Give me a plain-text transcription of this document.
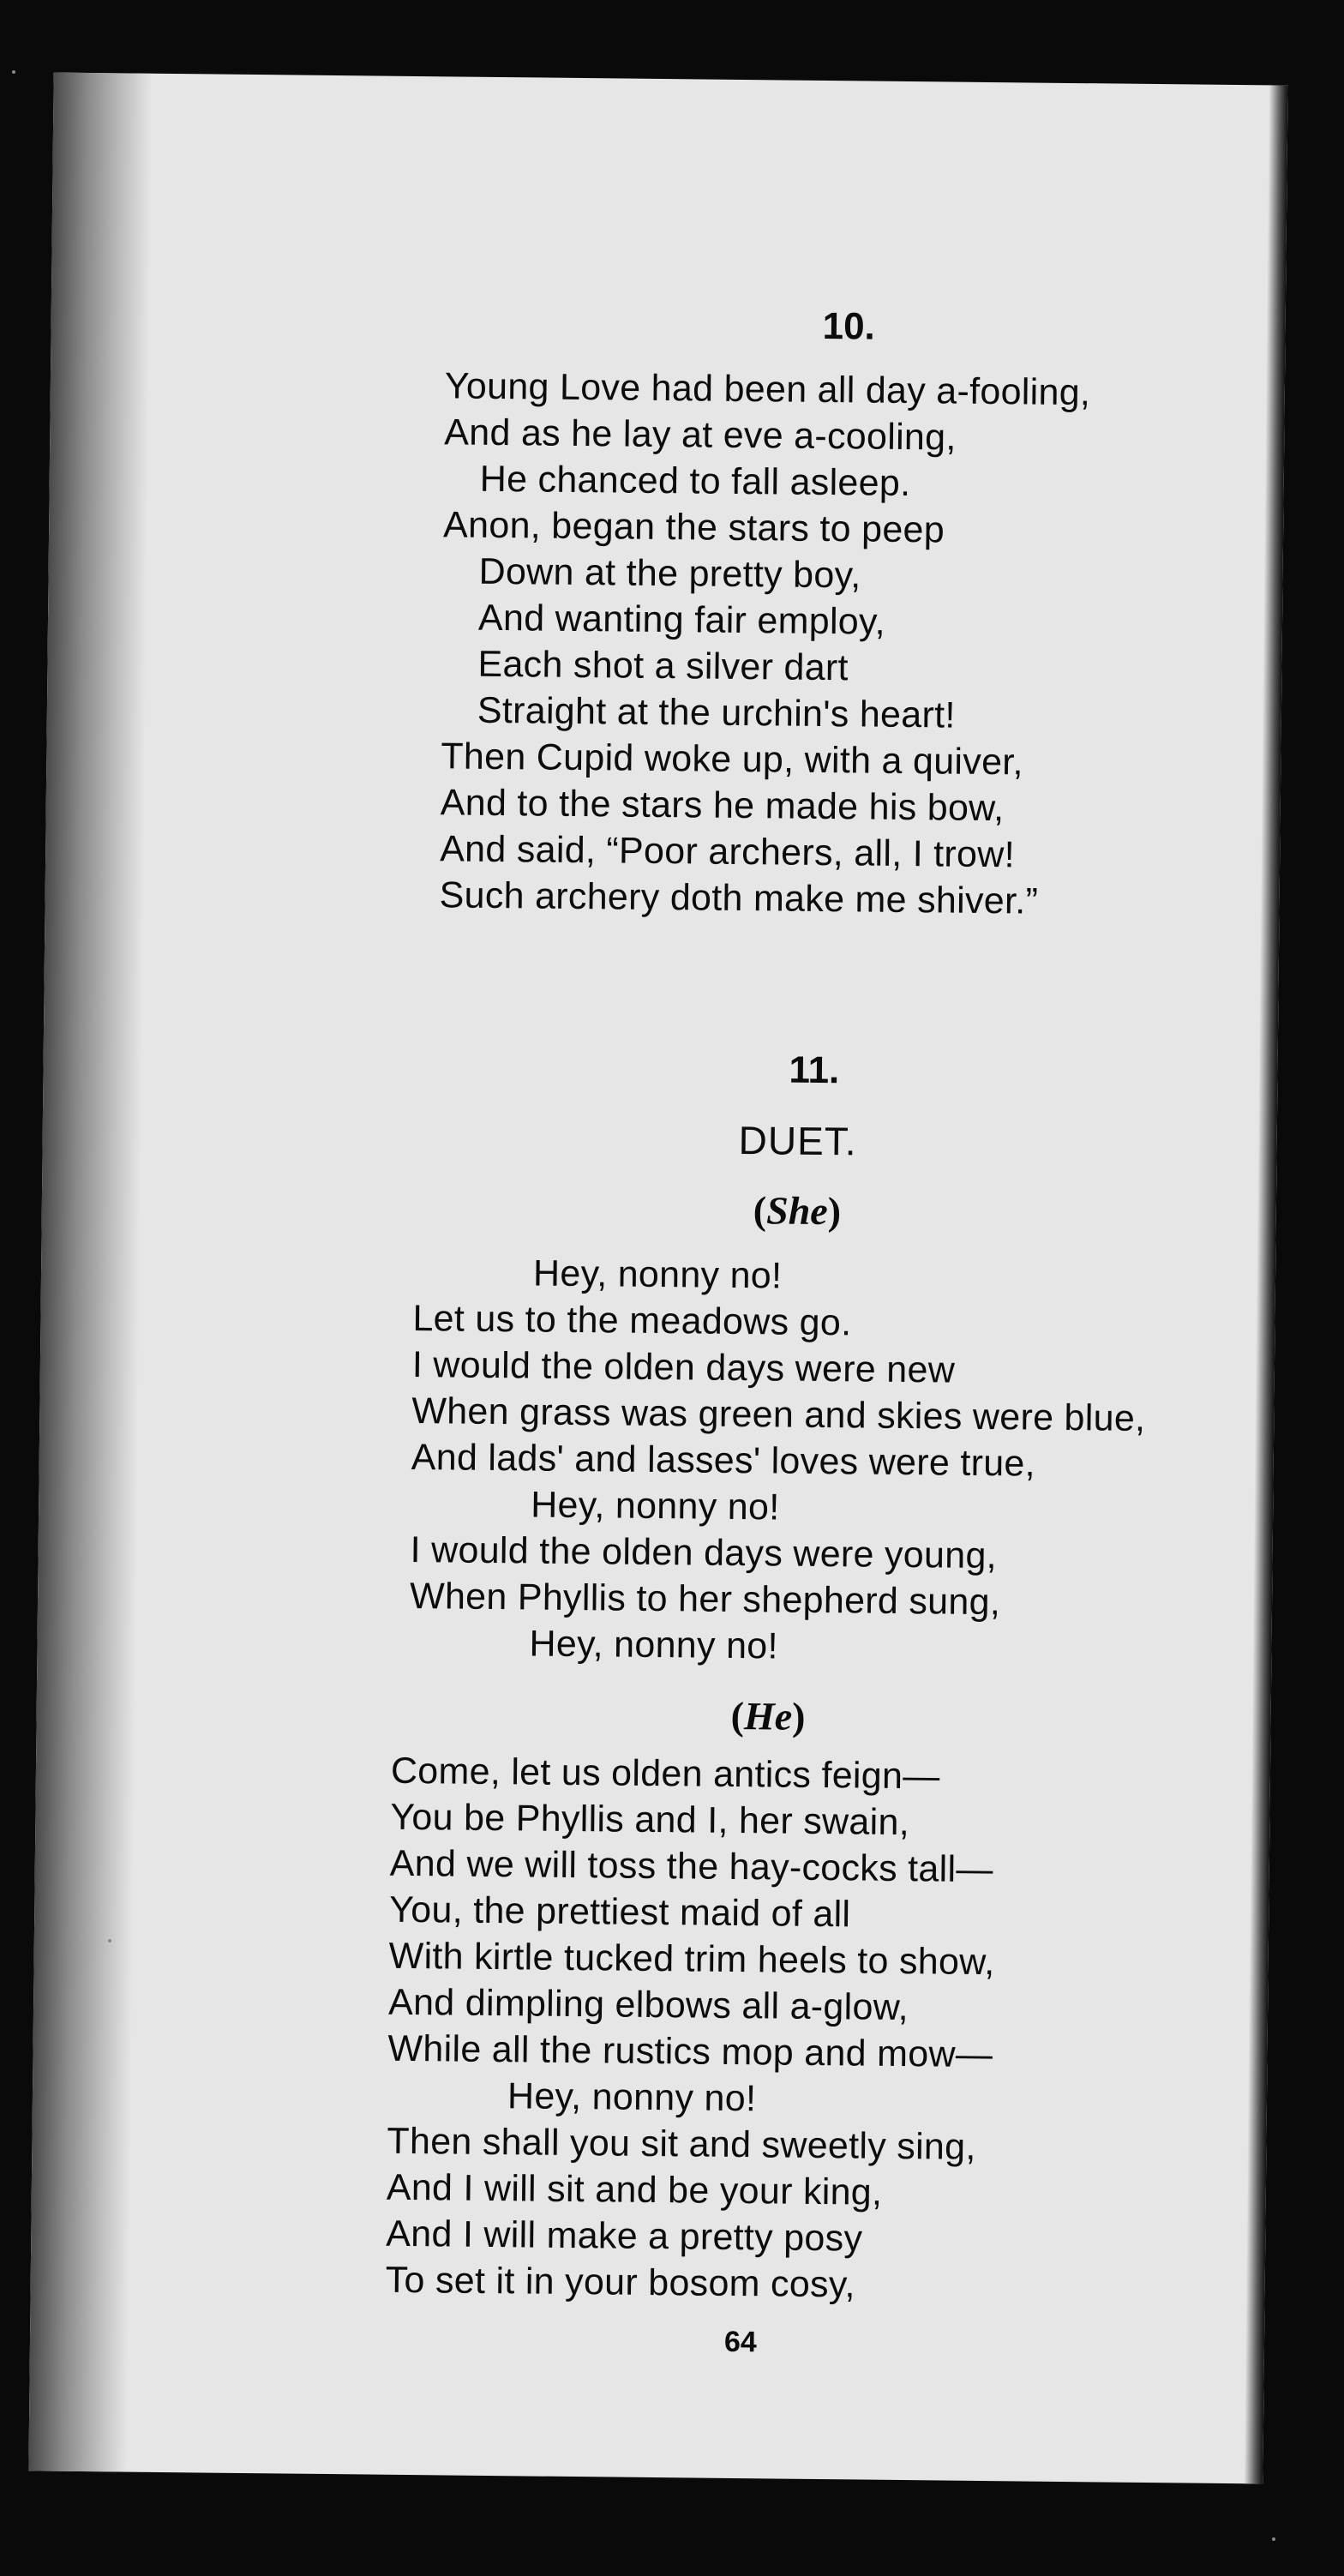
10.
Young Love had been all day a-fooling,
And as he lay at eve a-cooling,
He chanced to fall asleep.
Anon, began the stars to peep
Down at the pretty boy,
And wanting fair employ,
Each shot a silver dart
Straight at the urchin's heart!
Then Cupid woke up, with a quiver,
And to the stars he made his bow,
And said, “Poor archers, all, I trow!
Such archery doth make me shiver.”
11.
DUET.
(She)
Hey, nonny no!
Let us to the meadows go.
I would the olden days were new
When grass was green and skies were blue,
And lads' and lasses' loves were true,
Hey, nonny no!
I would the olden days were young,
When Phyllis to her shepherd sung,
Hey, nonny no!
(He)
Come, let us olden antics feign—
You be Phyllis and I, her swain,
And we will toss the hay-cocks tall—
You, the prettiest maid of all
With kirtle tucked trim heels to show,
And dimpling elbows all a-glow,
While all the rustics mop and mow—
Hey, nonny no!
Then shall you sit and sweetly sing,
And I will sit and be your king,
And I will make a pretty posy
To set it in your bosom cosy,
64
